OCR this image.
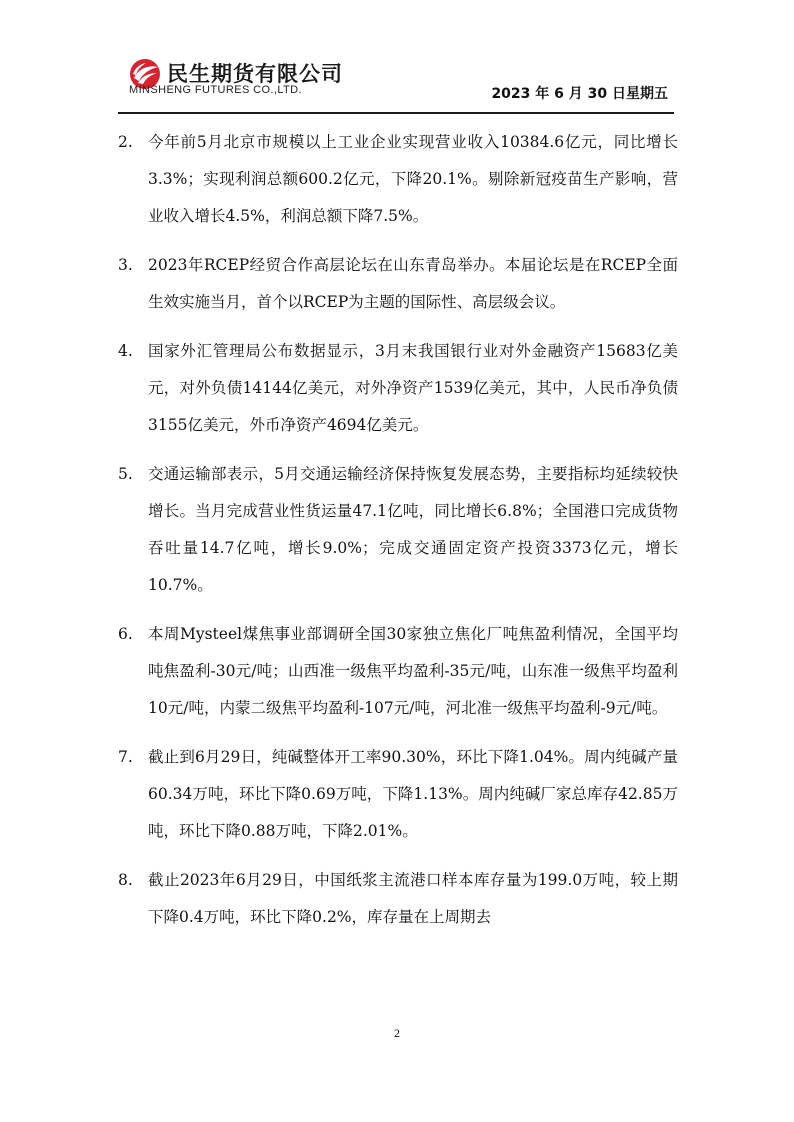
民生期货有限公司
MINSHENG FUTURES CO.,LTD.	2023 年 6 月 30 日星期五
2. 今年前5月北京市规模以上工业企业实现营业收入10384.6亿元，同比增长3.3%；实现利润总额600.2亿元，下降20.1%。剔除新冠疫苗生产影响，营业收入增长4.5%，利润总额下降7.5%。
3. 2023年RCEP经贸合作高层论坛在山东青岛举办。本届论坛是在RCEP全面生效实施当月，首个以RCEP为主题的国际性、高层级会议。
4. 国家外汇管理局公布数据显示，3月末我国银行业对外金融资产15683亿美元，对外负债14144亿美元，对外净资产1539亿美元，其中，人民币净负债3155亿美元，外币净资产4694亿美元。
5. 交通运输部表示，5月交通运输经济保持恢复发展态势，主要指标均延续较快增长。当月完成营业性货运量47.1亿吨，同比增长6.8%；全国港口完成货物吞吐量14.7亿吨，增长9.0%；完成交通固定资产投资3373亿元，增长10.7%。
6. 本周Mysteel煤焦事业部调研全国30家独立焦化厂吨焦盈利情况，全国平均吨焦盈利-30元/吨；山西准一级焦平均盈利-35元/吨，山东准一级焦平均盈利10元/吨，内蒙二级焦平均盈利-107元/吨，河北准一级焦平均盈利-9元/吨。
7. 截止到6月29日，纯碱整体开工率90.30%，环比下降1.04%。周内纯碱产量60.34万吨，环比下降0.69万吨，下降1.13%。周内纯碱厂家总库存42.85万吨，环比下降0.88万吨，下降2.01%。
8. 截止2023年6月29日，中国纸浆主流港口样本库存量为199.0万吨，较上期下降0.4万吨，环比下降0.2%，库存量在上周期去
2
